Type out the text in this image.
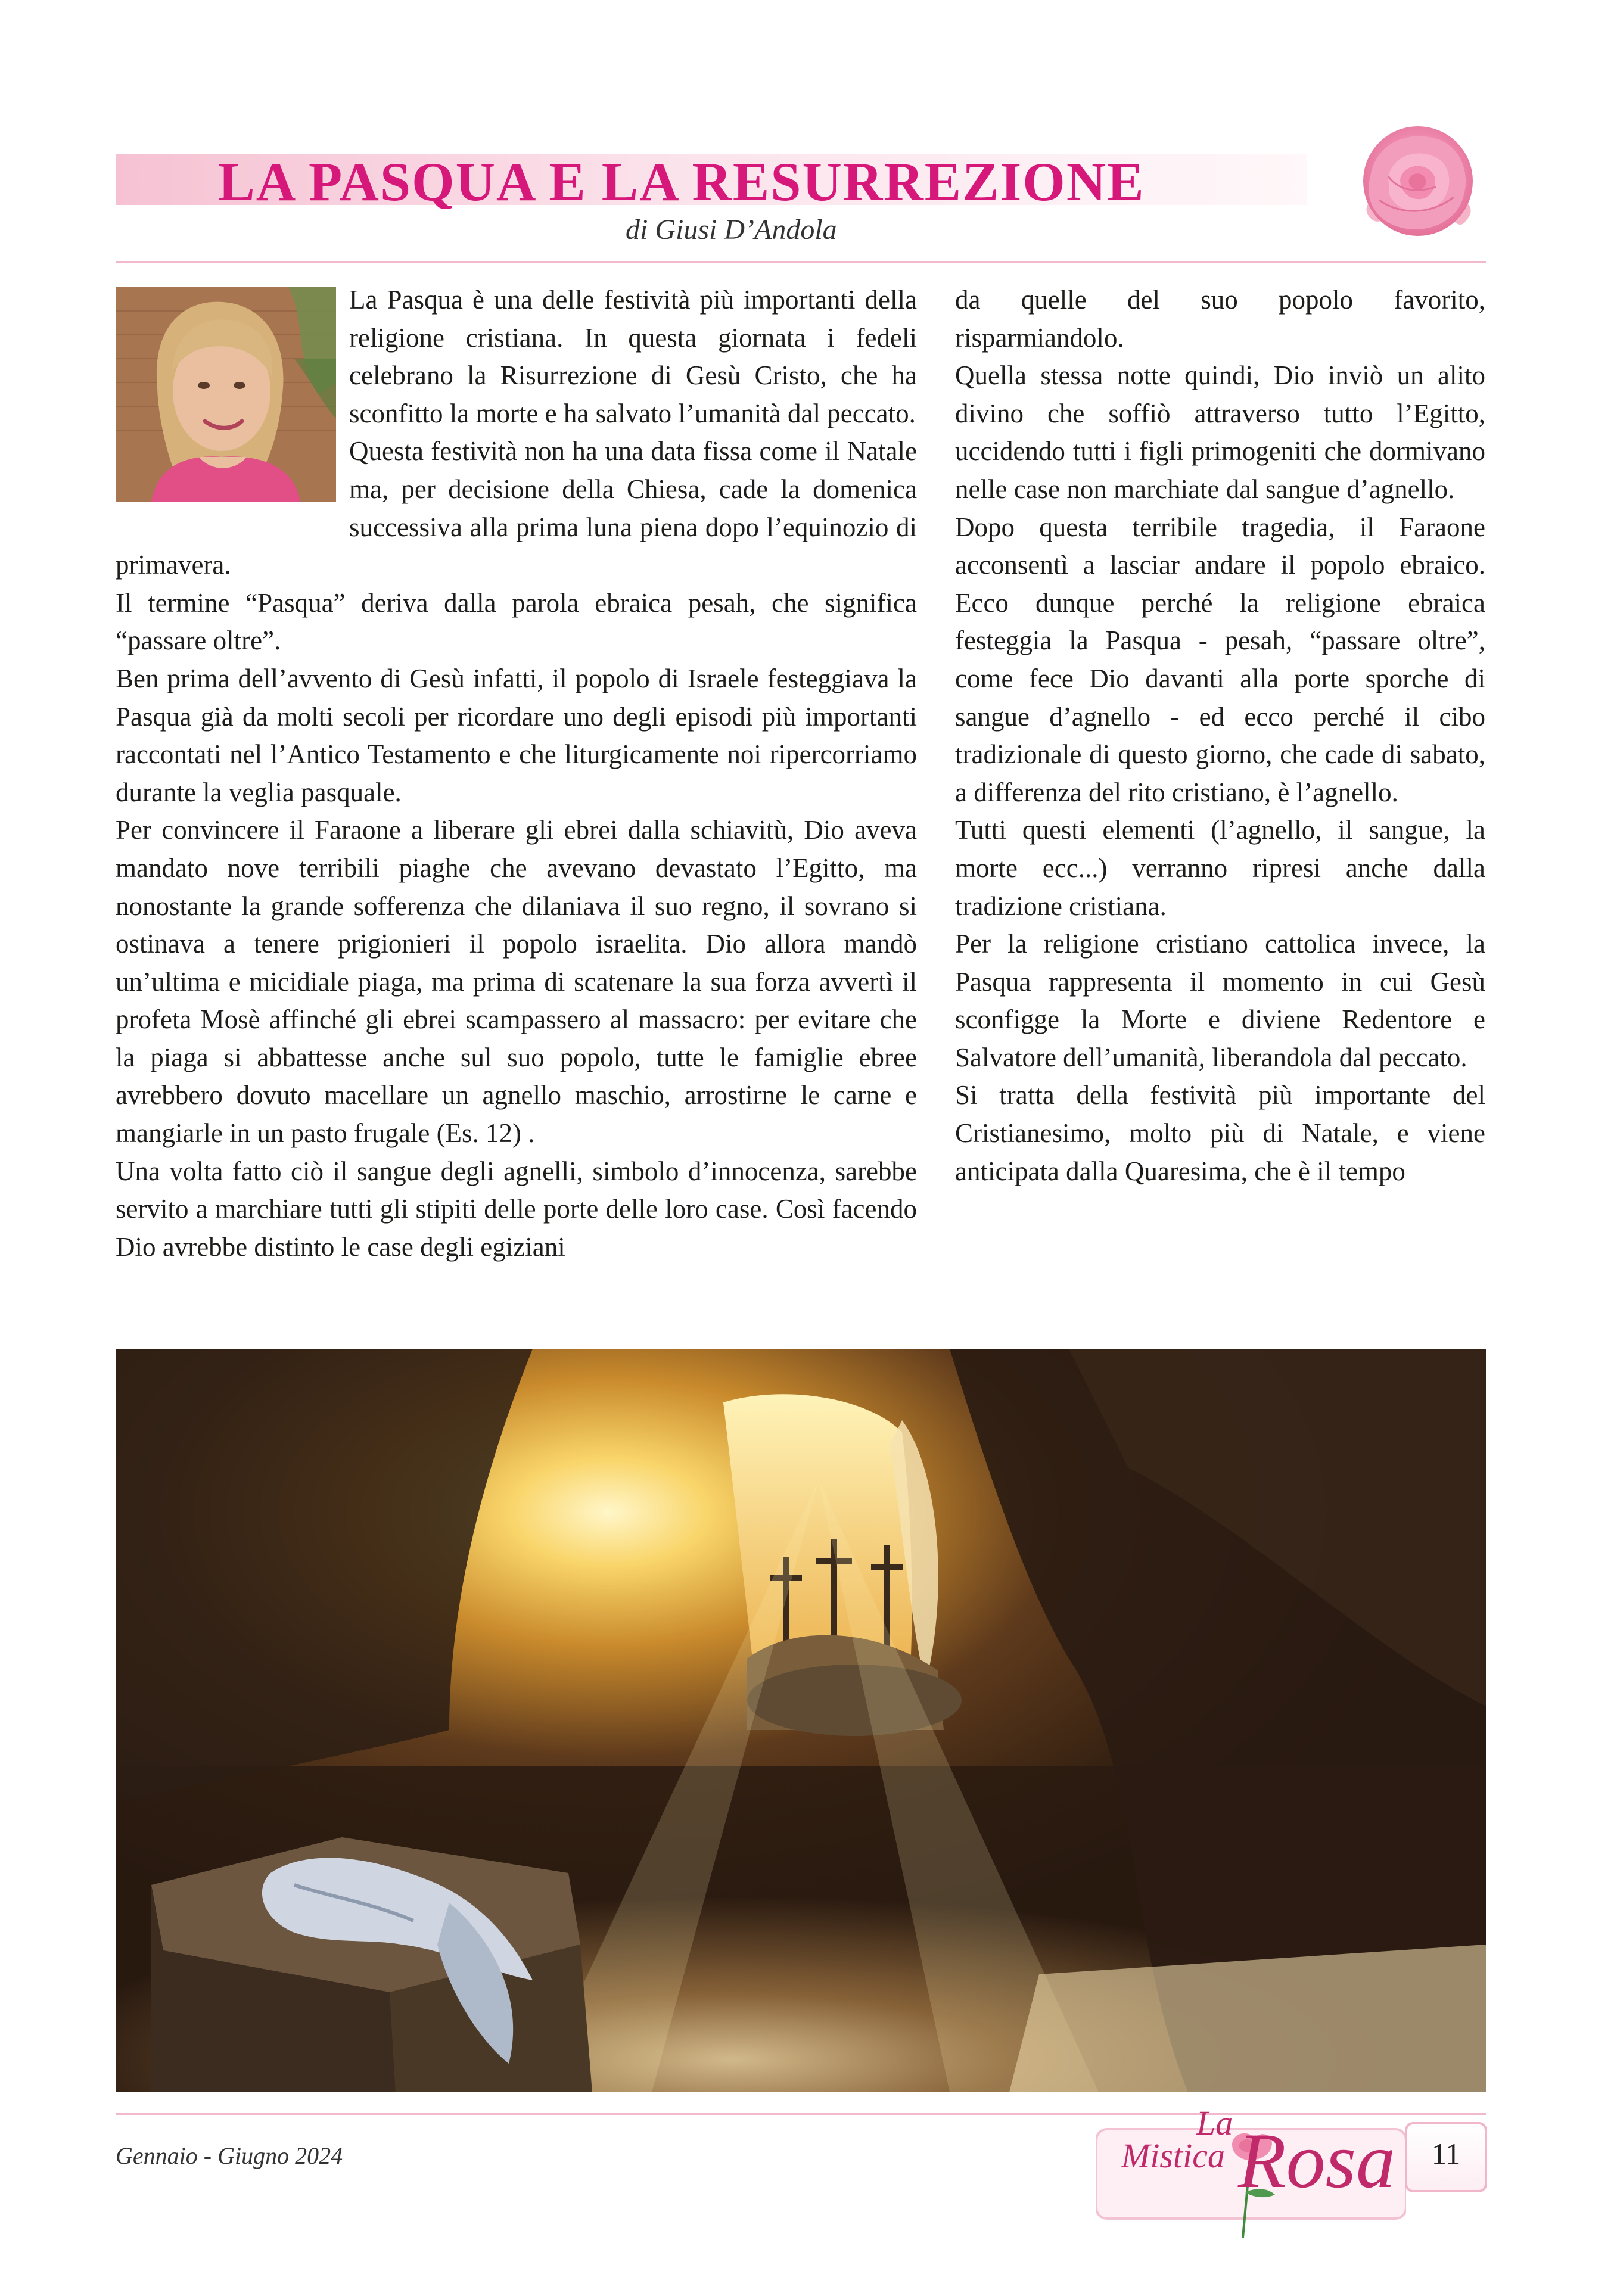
LA PASQUA E LA RESURREZIONE
di Giusi D’Andola

La Pasqua è una delle festività più importanti della religione cristiana. In questa giornata i fedeli celebrano la Risurrezione di Gesù Cristo, che ha sconfitto la morte e ha salvato l’umanità dal peccato.

Questa festività non ha una data fissa come il Natale ma, per decisione della Chiesa, cade la domenica successiva alla prima luna piena dopo l’equinozio di primavera.

Il termine “Pasqua” deriva dalla parola ebraica pesah, che significa “passare oltre”.

Ben prima dell’avvento di Gesù infatti, il popolo di Israele festeggiava la Pasqua già da molti secoli per ricordare uno degli episodi più importanti raccontati nel l’Antico Testamento e che liturgicamente noi ripercorriamo durante la veglia pasquale.

Per convincere il Faraone a liberare gli ebrei dalla schiavitù, Dio aveva mandato nove terribili piaghe che avevano devastato l’Egitto, ma nonostante la grande sofferenza che dilaniava il suo regno, il sovrano si ostinava a tenere prigionieri il popolo israelita. Dio allora mandò un’ultima e micidiale piaga, ma prima di scatenare la sua forza avvertì il profeta Mosè affinché gli ebrei scampassero al massacro: per evitare che la piaga si abbattesse anche sul suo popolo, tutte le famiglie ebree avrebbero dovuto macellare un agnello maschio, arrostirne le carne e mangiarle in un pasto frugale (Es. 12) .

Una volta fatto ciò il sangue degli agnelli, simbolo d’innocenza, sarebbe servito a marchiare tutti gli stipiti delle porte delle loro case. Così facendo Dio avrebbe distinto le case degli egiziani

da quelle del suo popolo favorito, risparmiandolo.

Quella stessa notte quindi, Dio inviò un alito divino che soffiò attraverso tutto l’Egitto, uccidendo tutti i figli primogeniti che dormivano nelle case non marchiate dal sangue d’agnello.

Dopo questa terribile tragedia, il Faraone acconsentì a lasciar andare il popolo ebraico. Ecco dunque perché la religione ebraica festeggia la Pasqua - pesah, “passare oltre”, come fece Dio davanti alla porte sporche di sangue d’agnello - ed ecco perché il cibo tradizionale di questo giorno, che cade di sabato, a differenza del rito cristiano, è l’agnello.

Tutti questi elementi (l’agnello, il sangue, la morte ecc...) verranno ripresi anche dalla tradizione cristiana.

Per la religione cristiano cattolica invece, la Pasqua rappresenta il momento in cui Gesù sconfigge la Morte e diviene Redentore e Salvatore dell’umanità, liberandola dal peccato.

Si tratta della festività più importante del Cristianesimo, molto più di Natale, e viene anticipata dalla Quaresima, che è il tempo

Gennaio - Giugno 2024
La
Mistica Rosa	11
